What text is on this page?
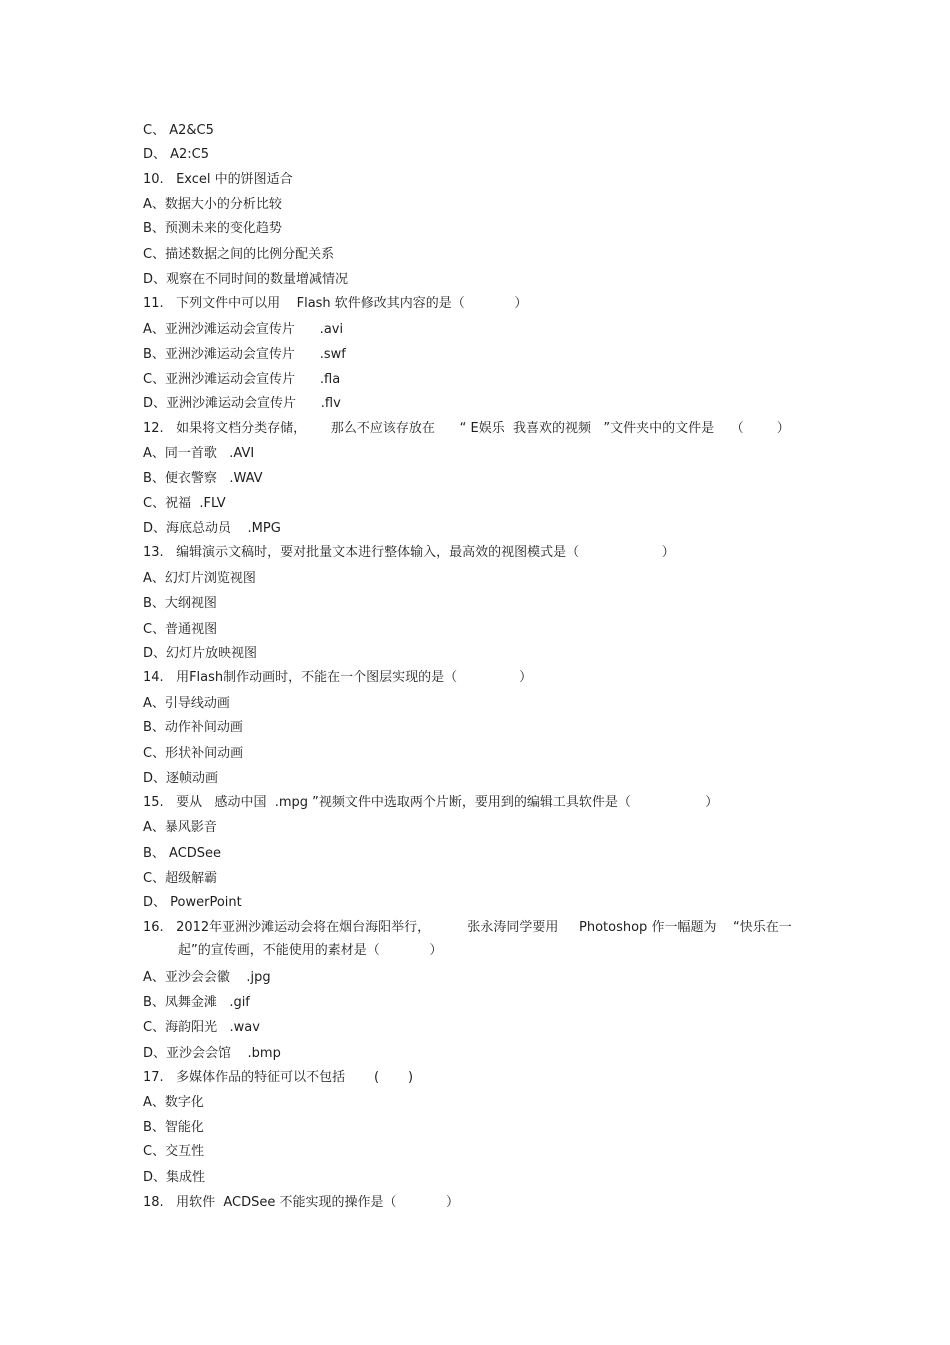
C、 A2&C5
D、 A2:C5
10.   Excel 中的饼图适合
A、数据大小的分析比较
B、预测未来的变化趋势
C、描述数据之间的比例分配关系
D、观察在不同时间的数量增减情况
11.   下列文件中可以用    Flash 软件修改其内容的是（            ）
A、亚洲沙滩运动会宣传片      .avi
B、亚洲沙滩运动会宣传片      .swf
C、亚洲沙滩运动会宣传片      .fla
D、亚洲沙滩运动会宣传片      .flv
12.   如果将文档分类存储，      那么不应该存放在      “ E娱乐  我喜欢的视频   ”文件夹中的文件是    （        ）
A、同一首歌   .AVI
B、便衣警察   .WAV
C、祝福  .FLV
D、海底总动员    .MPG
13.   编辑演示文稿时，要对批量文本进行整体输入，最高效的视图模式是（                    ）
A、幻灯片浏览视图
B、大纲视图
C、普通视图
D、幻灯片放映视图
14.   用Flash制作动画时，不能在一个图层实现的是（               ）
A、引导线动画
B、动作补间动画
C、形状补间动画
D、逐帧动画
15.   要从   感动中国  .mpg ”视频文件中选取两个片断，要用到的编辑工具软件是（                  ）
A、暴风影音
B、 ACDSee
C、超级解霸
D、 PowerPoint
16.   2012年亚洲沙滩运动会将在烟台海阳举行，         张永涛同学要用     Photoshop 作一幅题为    “快乐在一
起”的宣传画，不能使用的素材是（            ）
A、亚沙会会徽    .jpg
B、凤舞金滩   .gif
C、海韵阳光   .wav
D、亚沙会会馆    .bmp
17.   多媒体作品的特征可以不包括       (       )
A、数字化
B、智能化
C、交互性
D、集成性
18.   用软件  ACDSee 不能实现的操作是（            ）
